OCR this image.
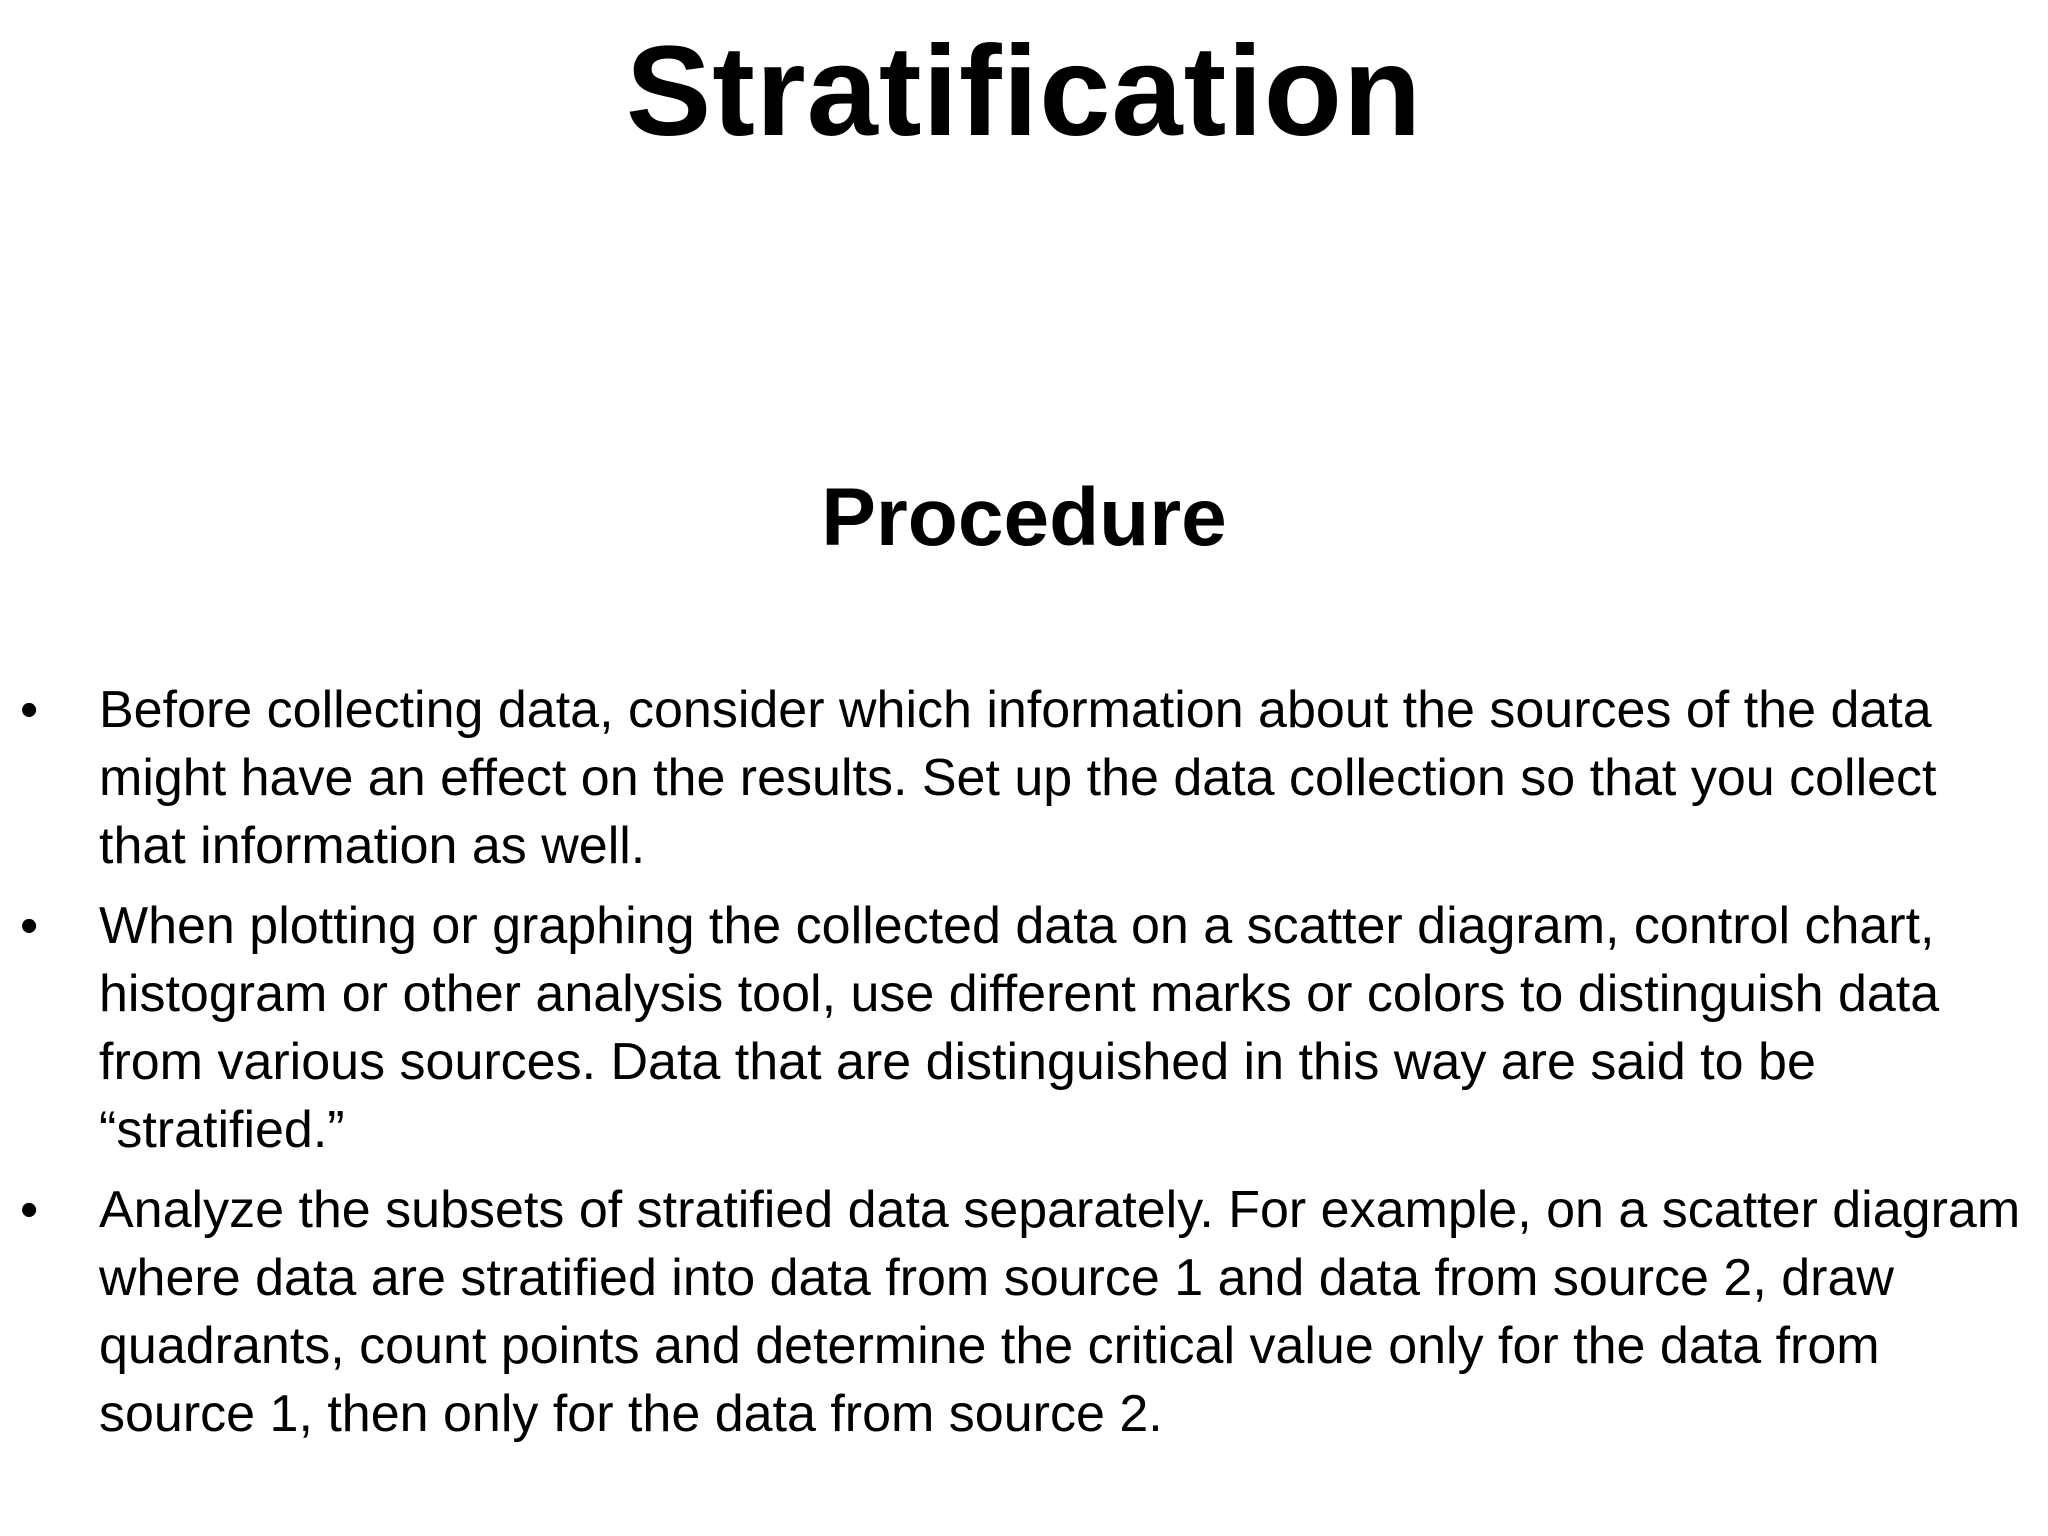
Stratification
Procedure
•	Before collecting data, consider which information about the sources of the data might have an effect on the results. Set up the data collection so that you collect that information as well.
•	When plotting or graphing the collected data on a scatter diagram, control chart, histogram or other analysis tool, use different marks or colors to distinguish data from various sources. Data that are distinguished in this way are said to be “stratified.”
•	Analyze the subsets of stratified data separately. For example, on a scatter diagram where data are stratified into data from source 1 and data from source 2, draw quadrants, count points and determine the critical value only for the data from source 1, then only for the data from source 2.
